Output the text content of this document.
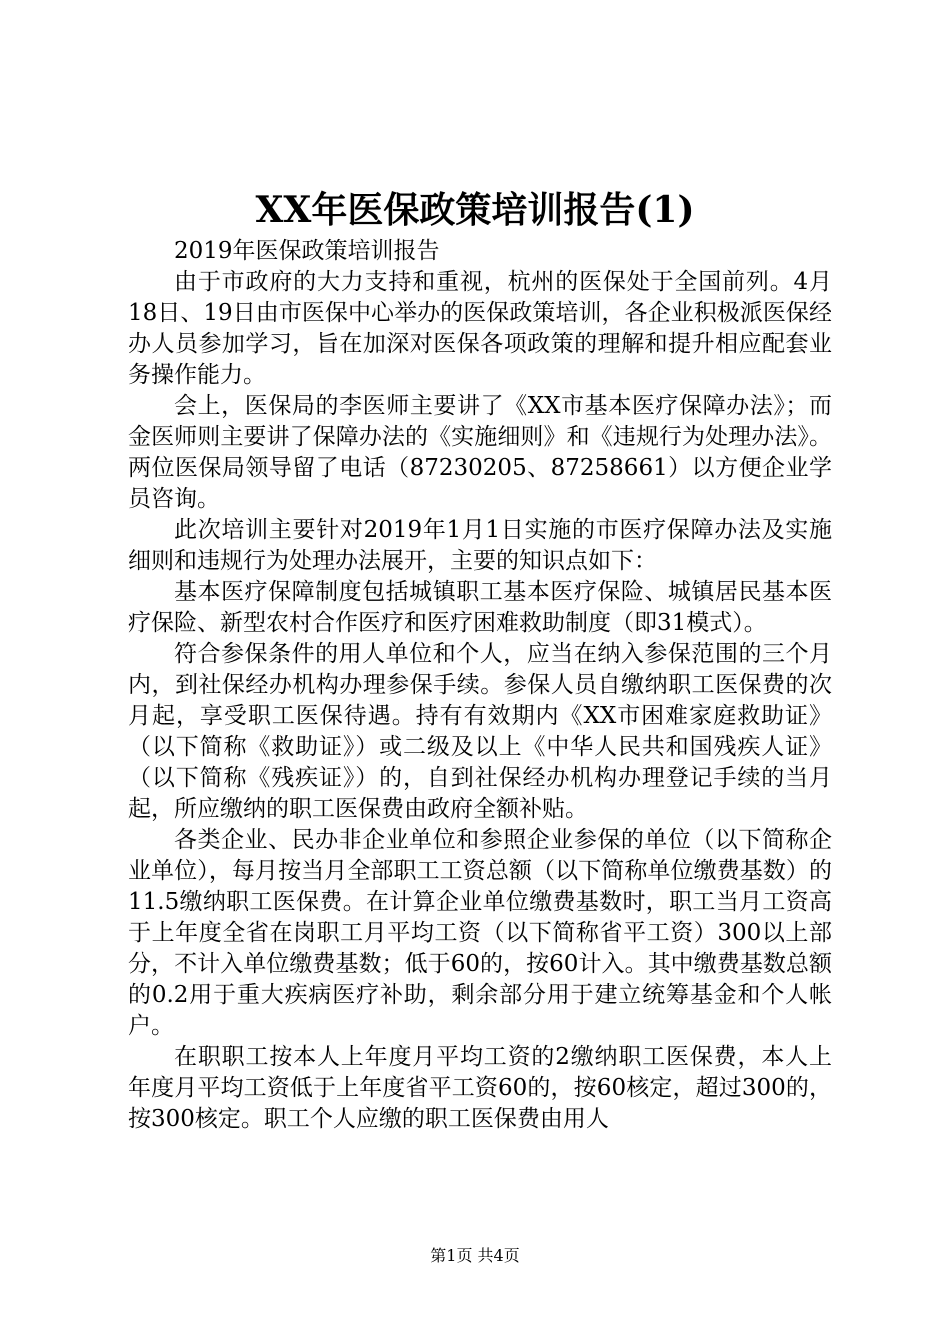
XX年医保政策培训报告(1)

2019年医保政策培训报告

由于市政府的大力支持和重视，杭州的医保处于全国前列。4月18日、19日由市医保中心举办的医保政策培训，各企业积极派医保经办人员参加学习，旨在加深对医保各项政策的理解和提升相应配套业务操作能力。

会上，医保局的李医师主要讲了《XX市基本医疗保障办法》；而金医师则主要讲了保障办法的《实施细则》和《违规行为处理办法》。两位医保局领导留了电话（87230205、87258661）以方便企业学员咨询。

此次培训主要针对2019年1月1日实施的市医疗保障办法及实施细则和违规行为处理办法展开，主要的知识点如下：

基本医疗保障制度包括城镇职工基本医疗保险、城镇居民基本医疗保险、新型农村合作医疗和医疗困难救助制度（即31模式）。

符合参保条件的用人单位和个人，应当在纳入参保范围的三个月内，到社保经办机构办理参保手续。参保人员自缴纳职工医保费的次月起，享受职工医保待遇。持有有效期内《XX市困难家庭救助证》（以下简称《救助证》）或二级及以上《中华人民共和国残疾人证》（以下简称《残疾证》）的，自到社保经办机构办理登记手续的当月起，所应缴纳的职工医保费由政府全额补贴。

各类企业、民办非企业单位和参照企业参保的单位（以下简称企业单位），每月按当月全部职工工资总额（以下简称单位缴费基数）的11.5缴纳职工医保费。在计算企业单位缴费基数时，职工当月工资高于上年度全省在岗职工月平均工资（以下简称省平工资）300以上部分，不计入单位缴费基数；低于60的，按60计入。其中缴费基数总额的0.2用于重大疾病医疗补助，剩余部分用于建立统筹基金和个人帐户。

在职职工按本人上年度月平均工资的2缴纳职工医保费，本人上年度月平均工资低于上年度省平工资60的，按60核定，超过300的，按300核定。职工个人应缴的职工医保费由用人

第1页 共4页
